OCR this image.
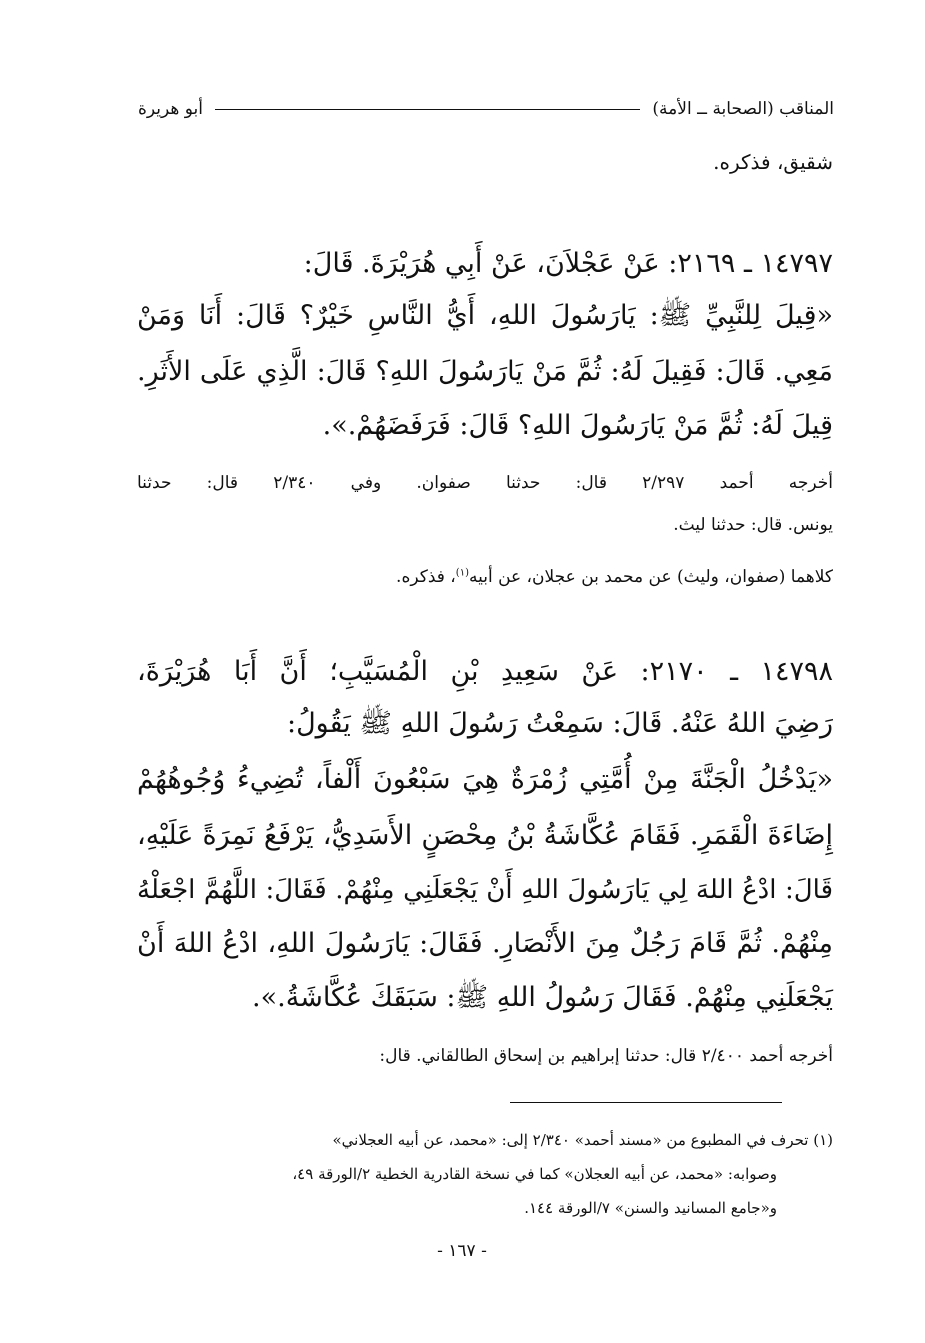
المناقب (الصحابة ــ الأمة)
أبو هريرة
شقيق، فذكره.
١٤٧٩٧ ـ ٢١٦٩: عَنْ عَجْلاَنَ، عَنْ أَبِي هُرَيْرَةَ. قَالَ:
«قِيلَ لِلنَّبِيِّ ﷺ: يَارَسُولَ اللهِ، أَيُّ النَّاسِ خَيْرٌ؟ قَالَ: أَنَا وَمَنْ
مَعِي. قَالَ: فَقِيلَ لَهُ: ثُمَّ مَنْ يَارَسُولَ اللهِ؟ قَالَ: الَّذِي عَلَى الأَثَرِ.
قِيلَ لَهُ: ثُمَّ مَنْ يَارَسُولَ اللهِ؟ قَالَ: فَرَفَضَهُمْ.».
أخرجه أحمد ٢/٢٩٧ قال: حدثنا صفوان. وفي ٢/٣٤٠ قال: حدثنا
يونس. قال: حدثنا ليث.
كلاهما (صفوان، وليث) عن محمد بن عجلان، عن أبيه$^{(١)}$، فذكره.
١٤٧٩٨ ـ ٢١٧٠: عَنْ سَعِيدِ بْنِ الْمُسَيَّبِ؛ أَنَّ أَبَا هُرَيْرَةَ،
رَضِيَ اللهُ عَنْهُ. قَالَ: سَمِعْتُ رَسُولَ اللهِ ﷺ يَقُولُ:
«يَدْخُلُ الْجَنَّةَ مِنْ أُمَّتِي زُمْرَةٌ هِيَ سَبْعُونَ أَلْفاً، تُضِيءُ وُجُوهُهُمْ
إِضَاءَةَ الْقَمَرِ. فَقَامَ عُكَّاشَةُ بْنُ مِحْصَنٍ الأَسَدِيُّ، يَرْفَعُ نَمِرَةً عَلَيْهِ،
قَالَ: ادْعُ اللهَ لِي يَارَسُولَ اللهِ أَنْ يَجْعَلَنِي مِنْهُمْ. فَقَالَ: اللَّهُمَّ اجْعَلْهُ
مِنْهُمْ. ثُمَّ قَامَ رَجُلٌ مِنَ الأَنْصَارِ. فَقَالَ: يَارَسُولَ اللهِ، ادْعُ اللهَ أَنْ
يَجْعَلَنِي مِنْهُمْ. فَقَالَ رَسُولُ اللهِ ﷺ: سَبَقَكَ عُكَّاشَةُ.».
أخرجه أحمد ٢/٤٠٠ قال: حدثنا إبراهيم بن إسحاق الطالقاني. قال:
(١) تحرف في المطبوع من «مسند أحمد» ٢/٣٤٠ إلى: «محمد، عن أبيه العجلاني»
وصوابه: «محمد، عن أبيه العجلان» كما في نسخة القادرية الخطية ٢/الورقة ٤٩،
و«جامع المسانيد والسنن» ٧/الورقة ١٤٤.
- ١٦٧ -
